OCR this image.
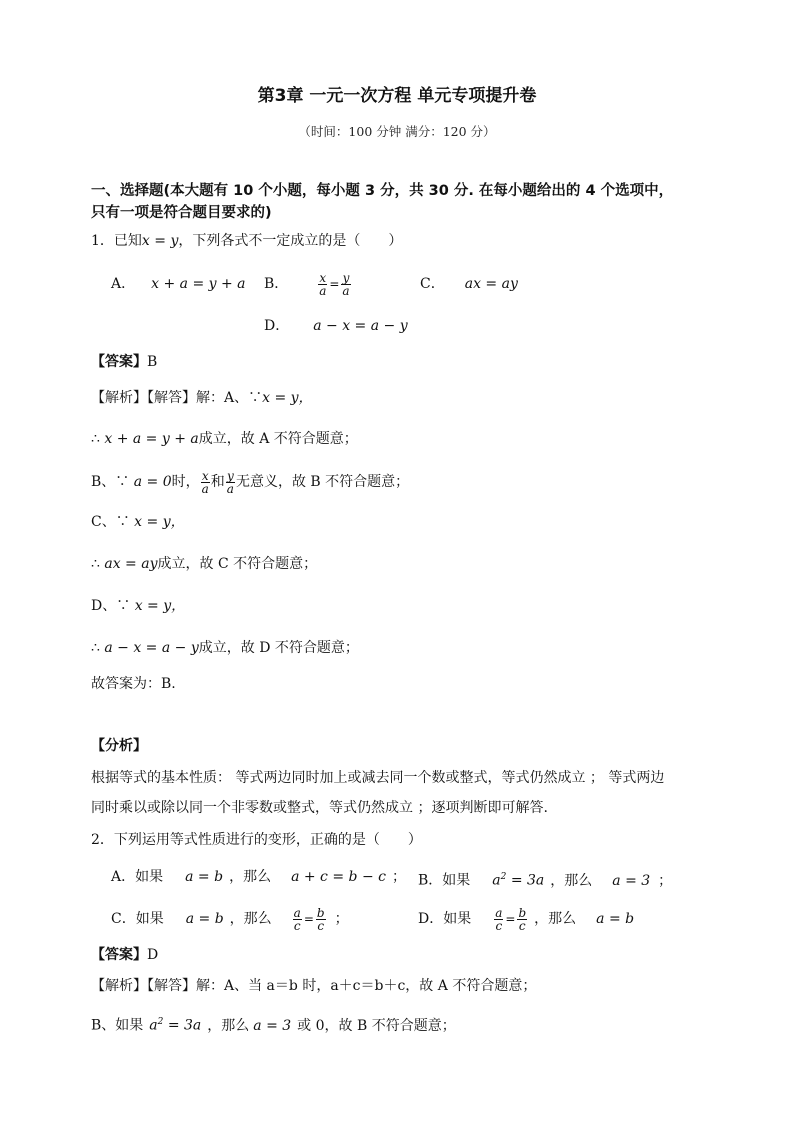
第3章 一元一次方程 单元专项提升卷
（时间：100 分钟 满分：120 分）
一、选择题(本大题有 10 个小题，每小题 3 分，共 30 分. 在每小题给出的 4 个选项中，
只有一项是符合题目要求的)
1．已知x = y，下列各式不一定成立的是（　　）
A． x + a = y + a B． $\frac{x}{a} = \frac{y}{a}$	C． ax = ay
D． a − x = a − y
【答案】B
【解析】【解答】解：A、∵x = y，
∴ x + a = y + a成立，故 A 不符合题意；
B、∵ a = 0时， $\frac{x}{a}$ 和 $\frac{y}{a}$ 无意义，故 B 不符合题意；
C、∵ x = y，
∴ ax = ay成立，故 C 不符合题意；
D、∵ x = y，
∴ a − x = a − y成立，故 D 不符合题意；
故答案为：B.
【分析】
根据等式的基本性质： 等式两边同时加上或减去同一个数或整式，等式仍然成立 ； 等式两边
同时乘以或除以同一个非零数或整式，等式仍然成立 ；逐项判断即可解答.
2．下列运用等式性质进行的变形，正确的是（　　）
A．如果 a = b ，那么 a + c = b − c ； B．如果 $a^2 = 3a$ ，那么 a = 3 ；
C．如果 a = b ，那么 $\frac{a}{c} = \frac{b}{c}$ ；	D．如果 $\frac{a}{c} = \frac{b}{c}$ ，那么 a = b
【答案】D
【解析】【解答】解：A、当 a＝b 时，a＋c＝b＋c，故 A 不符合题意；
B、如果 $a^2 = 3a$ ，那么 a = 3 或 0，故 B 不符合题意；
